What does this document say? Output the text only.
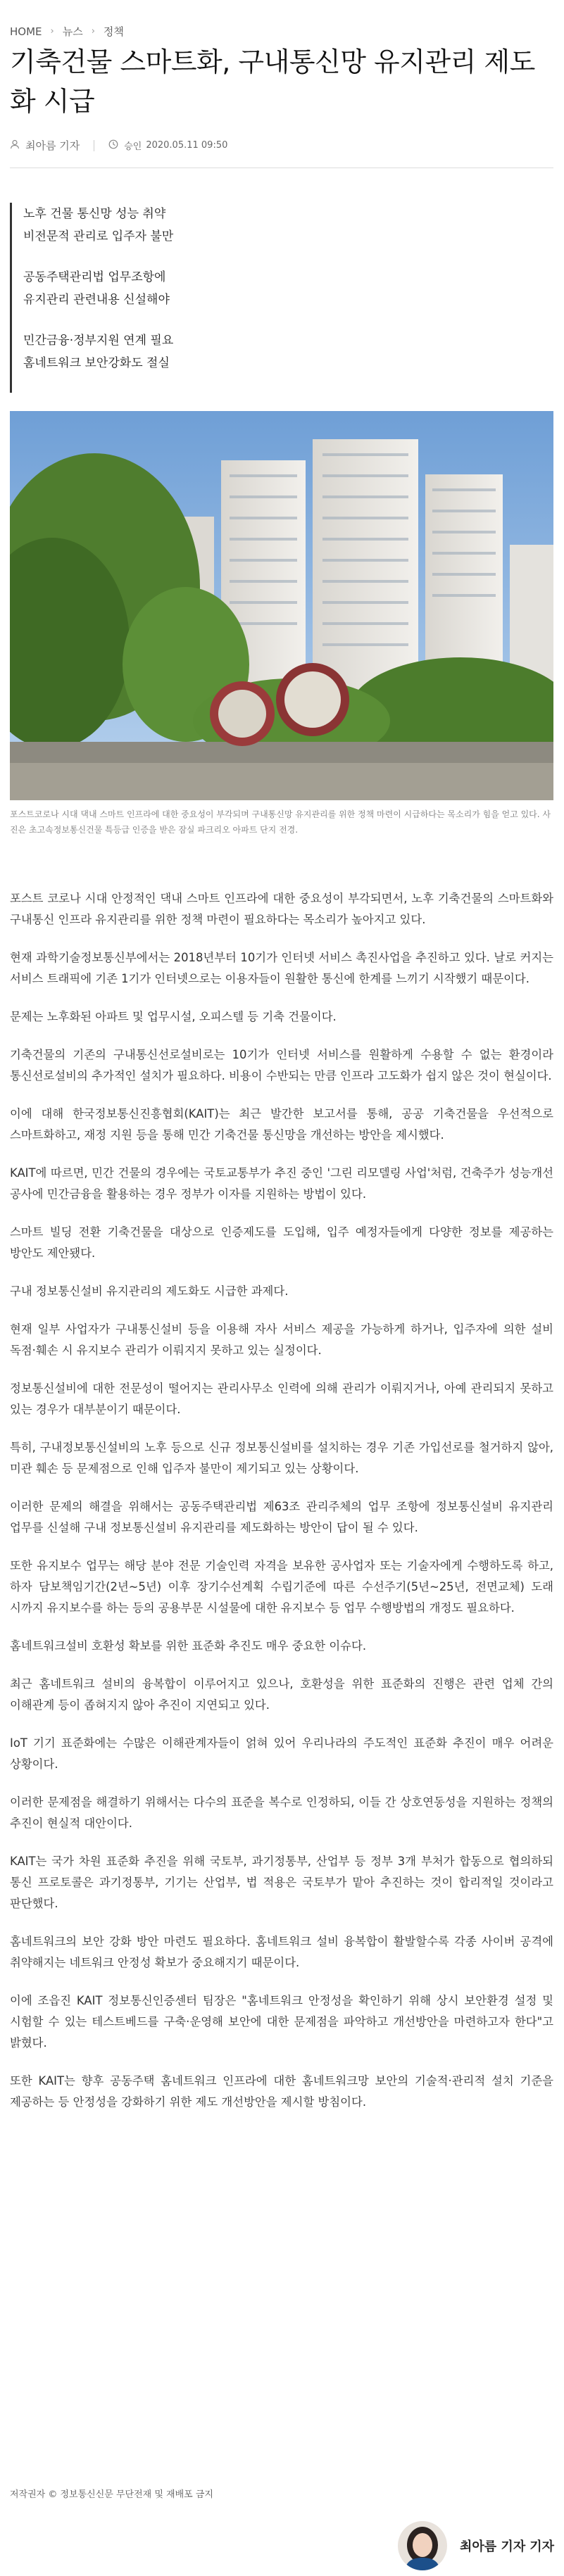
HOME › 뉴스 › 정책
기축건물 스마트화, 구내통신망 유지관리 제도화 시급
최아름 기자	승인 2020.05.11 09:50
노후 건물 통신망 성능 취약
비전문적 관리로 입주자 불만
공동주택관리법 업무조항에
유지관리 관련내용 신설해야
민간금융·정부지원 연계 필요
홈네트워크 보안강화도 절실
포스트코로나 시대 댁내 스마트 인프라에 대한 중요성이 부각되며 구내통신망 유지관리를 위한 정책 마련이 시급하다는 목소리가 힘을 얻고 있다. 사진은 초고속정보통신건물 특등급 인증을 받은 잠실 파크리오 아파트 단지 전경.

포스트 코로나 시대 안정적인 댁내 스마트 인프라에 대한 중요성이 부각되면서, 노후 기축건물의 스마트화와 구내통신 인프라 유지관리를 위한 정책 마련이 필요하다는 목소리가 높아지고 있다.

현재 과학기술정보통신부에서는 2018년부터 10기가 인터넷 서비스 촉진사업을 추진하고 있다. 날로 커지는 서비스 트래픽에 기존 1기가 인터넷으로는 이용자들이 원활한 통신에 한계를 느끼기 시작했기 때문이다.

문제는 노후화된 아파트 및 업무시설, 오피스텔 등 기축 건물이다.

기축건물의 기존의 구내통신선로설비로는 10기가 인터넷 서비스를 원활하게 수용할 수 없는 환경이라 통신선로설비의 추가적인 설치가 필요하다. 비용이 수반되는 만큼 인프라 고도화가 쉽지 않은 것이 현실이다.

이에 대해 한국정보통신진흥협회(KAIT)는 최근 발간한 보고서를 통해, 공공 기축건물을 우선적으로 스마트화하고, 재정 지원 등을 통해 민간 기축건물 통신망을 개선하는 방안을 제시했다.

KAIT에 따르면, 민간 건물의 경우에는 국토교통부가 추진 중인 '그린 리모델링 사업'처럼, 건축주가 성능개선 공사에 민간금융을 활용하는 경우 정부가 이자를 지원하는 방법이 있다.

스마트 빌딩 전환 기축건물을 대상으로 인증제도를 도입해, 입주 예정자들에게 다양한 정보를 제공하는 방안도 제안됐다.

구내 정보통신설비 유지관리의 제도화도 시급한 과제다.

현재 일부 사업자가 구내통신설비 등을 이용해 자사 서비스 제공을 가능하게 하거나, 입주자에 의한 설비 독점·훼손 시 유지보수 관리가 이뤄지지 못하고 있는 실정이다.

정보통신설비에 대한 전문성이 떨어지는 관리사무소 인력에 의해 관리가 이뤄지거나, 아예 관리되지 못하고 있는 경우가 대부분이기 때문이다.

특히, 구내정보통신설비의 노후 등으로 신규 정보통신설비를 설치하는 경우 기존 가입선로를 철거하지 않아, 미관 훼손 등 문제점으로 인해 입주자 불만이 제기되고 있는 상황이다.

이러한 문제의 해결을 위해서는 공동주택관리법 제63조 관리주체의 업무 조항에 정보통신설비 유지관리 업무를 신설해 구내 정보통신설비 유지관리를 제도화하는 방안이 답이 될 수 있다.

또한 유지보수 업무는 해당 분야 전문 기술인력 자격을 보유한 공사업자 또는 기술자에게 수행하도록 하고, 하자 담보책임기간(2년~5년) 이후 장기수선계획 수립기준에 따른 수선주기(5년~25년, 전면교체) 도래 시까지 유지보수를 하는 등의 공용부문 시설물에 대한 유지보수 등 업무 수행방법의 개정도 필요하다.

홈네트워크설비 호환성 확보를 위한 표준화 추진도 매우 중요한 이슈다.

최근 홈네트워크 설비의 융복합이 이루어지고 있으나, 호환성을 위한 표준화의 진행은 관련 업체 간의 이해관계 등이 좁혀지지 않아 추진이 지연되고 있다.

IoT 기기 표준화에는 수많은 이해관계자들이 얽혀 있어 우리나라의 주도적인 표준화 추진이 매우 어려운 상황이다.

이러한 문제점을 해결하기 위해서는 다수의 표준을 복수로 인정하되, 이들 간 상호연동성을 지원하는 정책의 추진이 현실적 대안이다.

KAIT는 국가 차원 표준화 추진을 위해 국토부, 과기정통부, 산업부 등 정부 3개 부처가 합동으로 협의하되 통신 프로토콜은 과기정통부, 기기는 산업부, 법 적용은 국토부가 맡아 추진하는 것이 합리적일 것이라고 판단했다.

홈네트워크의 보안 강화 방안 마련도 필요하다. 홈네트워크 설비 융복합이 활발할수록 각종 사이버 공격에 취약해지는 네트워크 안정성 확보가 중요해지기 때문이다.

이에 조읍진 KAIT 정보통신인증센터 팀장은 "홈네트워크 안정성을 확인하기 위해 상시 보안환경 설정 및 시험할 수 있는 테스트베드를 구축·운영해 보안에 대한 문제점을 파악하고 개선방안을 마련하고자 한다"고 밝혔다.

또한 KAIT는 향후 공동주택 홈네트워크 인프라에 대한 홈네트워크망 보안의 기술적·관리적 설치 기준을 제공하는 등 안정성을 강화하기 위한 제도 개선방안을 제시할 방침이다.

저작권자 © 정보통신신문 무단전재 및 재배포 금지
최아름 기자 기자
